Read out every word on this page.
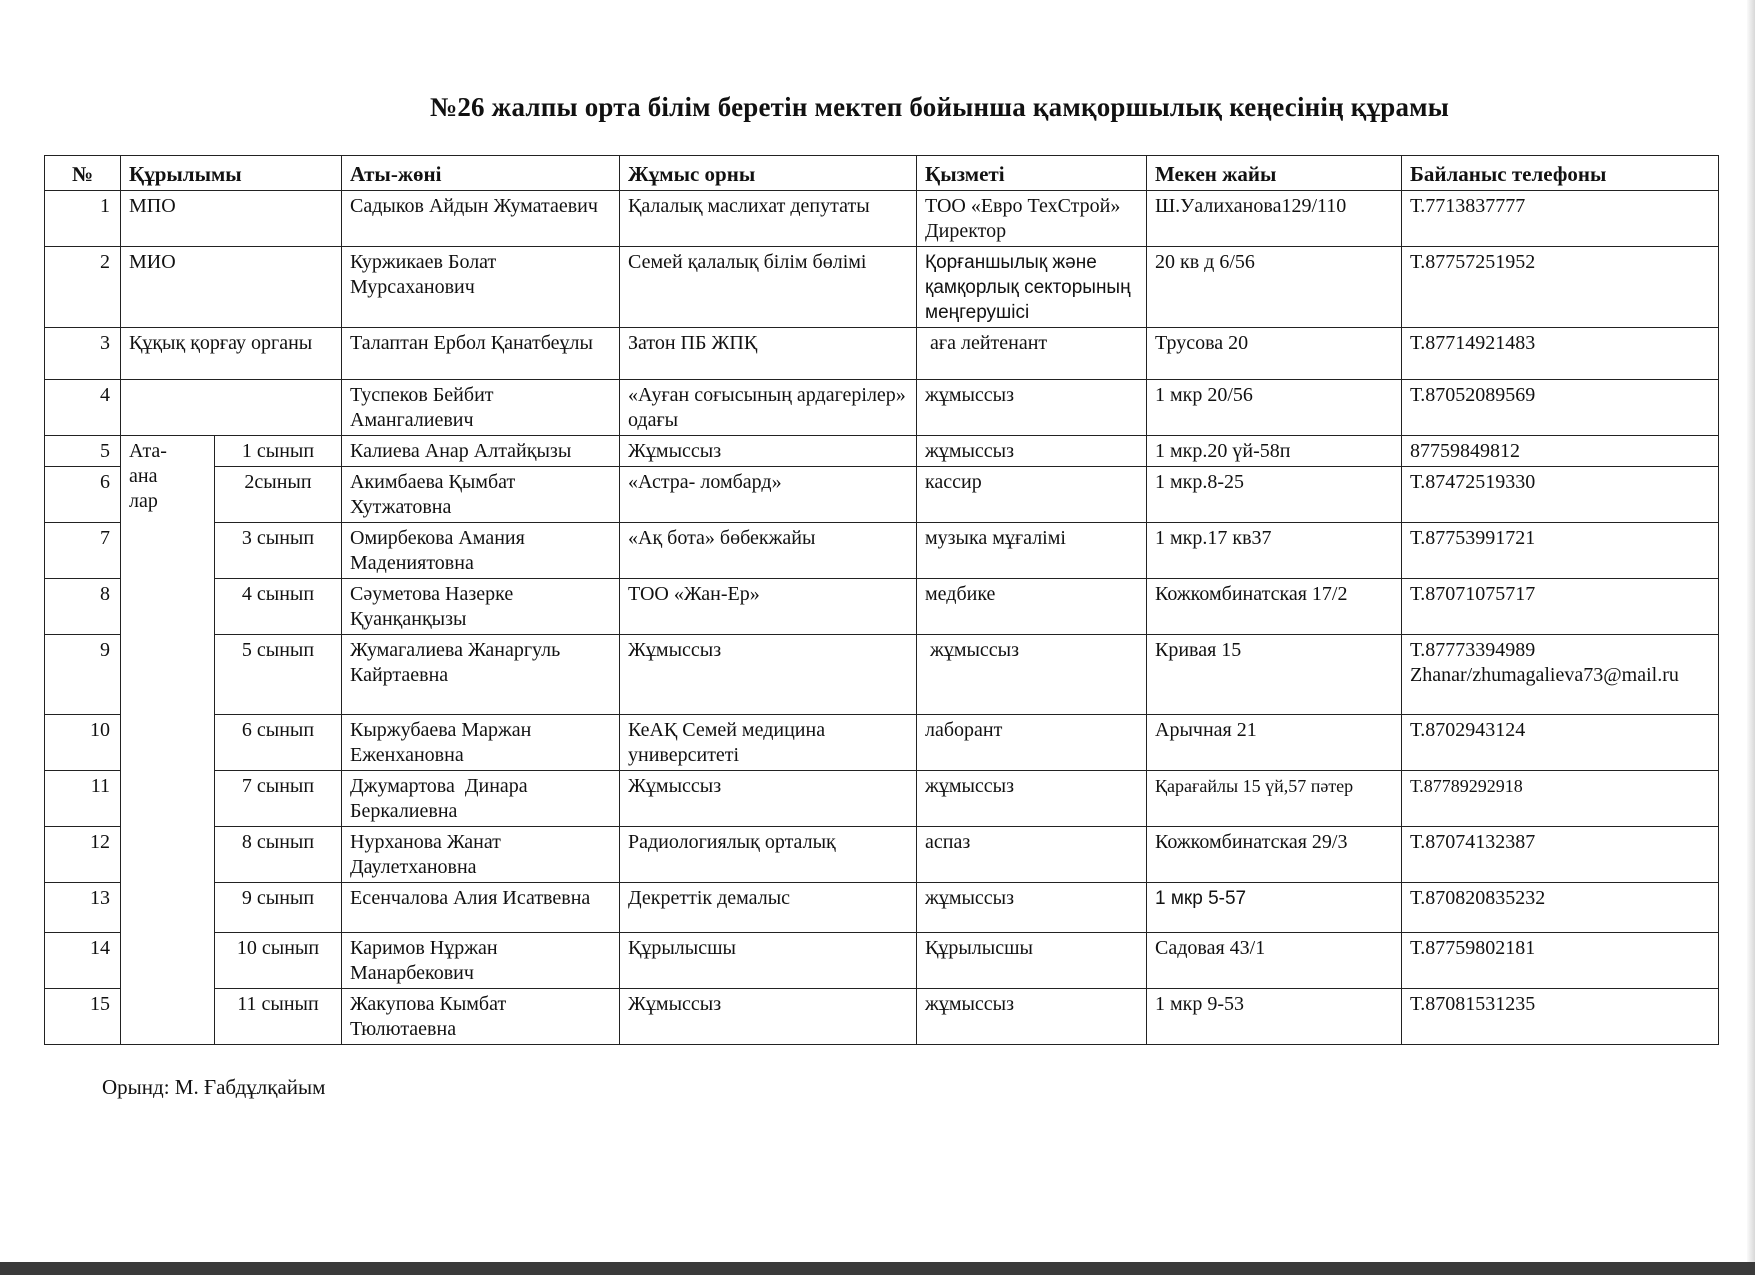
№26 жалпы орта білім беретін мектеп бойынша қамқоршылық кеңесінің құрамы
№	Құрылымы		Аты-жөні	Жұмыс орны	Қызметі	Мекен жайы	Байланыс телефоны
1	МПО		Садыков Айдын Жуматаевич	Қалалық маслихат депутаты	ТОО «Евро ТехСтрой» Директор	Ш.Уалиханова129/110	Т.7713837777
2	МИО		Куржикаев Болат Мурсаханович	Семей қалалық білім бөлімі	Қорғаншылық және қамқорлық секторының меңгерушісі	20 кв д 6/56	Т.87757251952
3	Құқық қорғау органы		Талаптан Ербол Қанатбеұлы	Затон ПБ ЖПҚ	аға лейтенант	Трусова 20	Т.87714921483
4			Туспеков Бейбит Амангалиевич	«Ауған соғысының ардагерілер» одағы	жұмыссыз	1 мкр 20/56	Т.87052089569
5	Ата-ана лар	1 сынып	Калиева Анар Алтайқызы	Жұмыссыз	жұмыссыз	1 мкр.20 үй-58п	87759849812
6		2сынып	Акимбаева Қымбат Хутжатовна	«Астра- ломбард»	кассир	1 мкр.8-25	Т.87472519330
7		3 сынып	Омирбекова Амания Мадениятовна	«Ақ бота» бөбекжайы	музыка мұғалімі	1 мкр.17 кв37	Т.87753991721
8		4 сынып	Сәуметова Назерке Қуанқанқызы	ТОО «Жан-Ер»	медбике	Кожкомбинатская 17/2	Т.87071075717
9		5 сынып	Жумагалиева Жанаргуль Кайртаевна	Жұмыссыз	жұмыссыз	Кривая 15	Т.87773394989
Zhanar/zhumagalieva73@mail.ru

10		6 сынып	Кыржубаева Маржан Еженхановна	КеАҚ Семей медицина университеті	лаборант	Арычная 21	Т.8702943124
11		7 сынып	Джумартова  Динара Беркалиевна	Жұмыссыз	жұмыссыз	Қарағайлы 15 үй,57 пәтер	Т.87789292918
12		8 сынып	Нурханова Жанат Даулетхановна	Радиологиялық орталық	аспаз	Кожкомбинатская 29/3	Т.87074132387
13		9 сынып	Есенчалова Алия Исатвевна	Декреттік демалыс	жұмыссыз	1 мкр 5-57	Т.870820835232
14		10 сынып	Каримов Нұржан Манарбекович	Құрылысшы	Құрылысшы	Садовая 43/1	Т.87759802181
15		11 сынып	Жакупова Кымбат Тюлютаевна	Жұмыссыз	жұмыссыз	1 мкр 9-53	Т.87081531235
Орынд: М. Ғабдұлқайым
